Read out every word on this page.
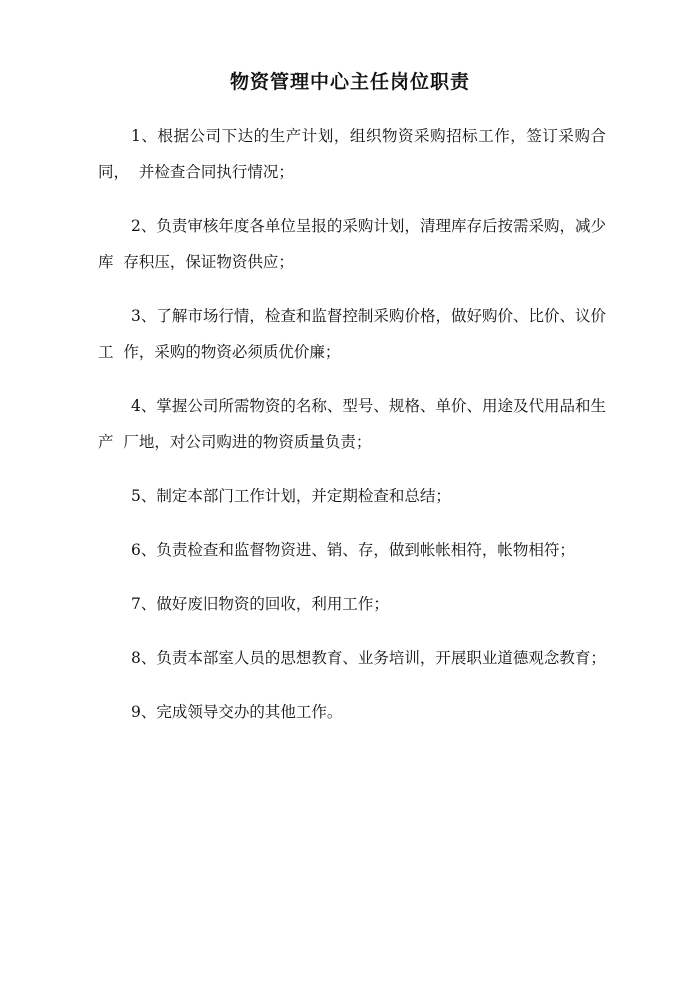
物资管理中心主任岗位职责

1、根据公司下达的生产计划，组织物资采购招标工作，签订采购合同，  并检查合同执行情况；

2、负责审核年度各单位呈报的采购计划，清理库存后按需采购，减少库  存积压，保证物资供应；

3、了解市场行情，检查和监督控制采购价格，做好购价、比价、议价工  作，采购的物资必须质优价廉；

4、掌握公司所需物资的名称、型号、规格、单价、用途及代用品和生产  厂地，对公司购进的物资质量负责；

5、制定本部门工作计划，并定期检查和总结；

6、负责检查和监督物资进、销、存，做到帐帐相符，帐物相符；

7、做好废旧物资的回收，利用工作；

8、负责本部室人员的思想教育、业务培训，开展职业道德观念教育；

9、完成领导交办的其他工作。
